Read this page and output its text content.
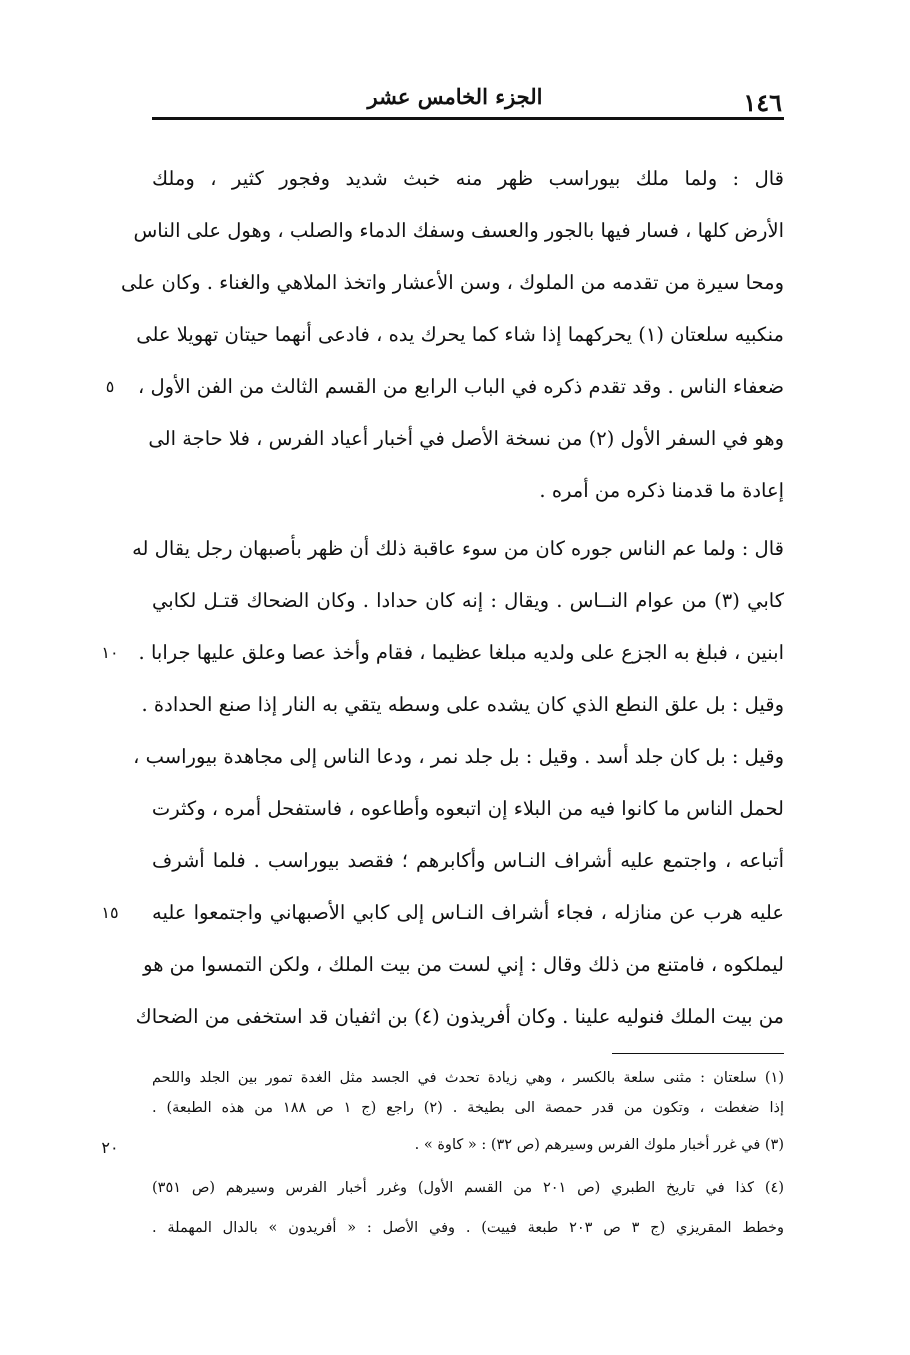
الجزء الخامس عشر	١٤٦
قال : ولما ملك بيوراسب ظهر منه خبث شديد وفجور كثير ، وملك
الأرض كلها ، فسار فيها بالجور والعسف وسفك الدماء والصلب ، وهول على الناس
ومحا سيرة من تقدمه من الملوك ، وسن الأعشار واتخذ الملاهي والغناء . وكان على
منكبيه سلعتان (١) يحركهما إذا شاء كما يحرك يده ، فادعى أنهما حيتان تهويلا على
ضعفاء الناس . وقد تقدم ذكره في الباب الرابع من القسم الثالث من الفن الأول ،
وهو في السفر الأول (٢) من نسخة الأصل في أخبار أعياد الفرس ، فلا حاجة الى
إعادة ما قدمنا ذكره من أمره .
قال : ولما عم الناس جوره كان من سوء عاقبة ذلك أن ظهر بأصبهان رجل يقال له
كابي (٣) من عوام النــاس . ويقال : إنه كان حدادا . وكان الضحاك قتـل لكابي
ابنين ، فبلغ به الجزع على ولديه مبلغا عظيما ، فقام وأخذ عصا وعلق عليها جرابا .
وقيل : بل علق النطع الذي كان يشده على وسطه يتقي به النار إذا صنع الحدادة .
وقيل : بل كان جلد أسد . وقيل : بل جلد نمر ، ودعا الناس إلى مجاهدة بيوراسب ،
لحمل الناس ما كانوا فيه من البلاء إن اتبعوه وأطاعوه ، فاستفحل أمره ، وكثرت
أتباعه ، واجتمع عليه أشراف النـاس وأكابرهم ؛ فقصد بيوراسب . فلما أشرف
عليه هرب عن منازله ، فجاء أشراف النـاس إلى كابي الأصبهاني واجتمعوا عليه
ليملكوه ، فامتنع من ذلك وقال : إني لست من بيت الملك ، ولكن التمسوا من هو
من بيت الملك فنوليه علينا . وكان أفريذون (٤) بن اثفيان قد استخفى من الضحاك
٥
١٠
١٥
٢٠
(١) سلعتان : مثنى سلعة بالكسر ، وهي زيادة تحدث في الجسد مثل الغدة تمور بين الجلد واللحم
إذا ضغطت ، وتكون من قدر حمصة الى بطيخة . (٢) راجع (ج ١ ص ١٨٨ من هذه الطبعة) .
(٣) في غرر أخبار ملوك الفرس وسيرهم (ص ٣٢) : « كاوة » .
(٤) كذا في تاريخ الطبري (ص ٢٠١ من القسم الأول) وغرر أخبار الفرس وسيرهم (ص ٣٥١)
وخطط المقريزي (ج ٣ ص ٢٠٣ طبعة فييت) . وفي الأصل : « أفريدون » بالدال المهملة .
